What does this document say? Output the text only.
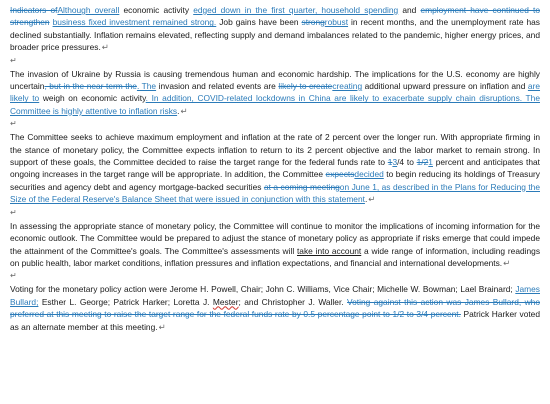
Indicators ofAlthough overall economic activity edged down in the first quarter, household spending and employment have continued to strengthen business fixed investment remained strong. Job gains have been strongrobust in recent months, and the unemployment rate has declined substantially. Inflation remains elevated, reflecting supply and demand imbalances related to the pandemic, higher energy prices, and broader price pressures.↵

↵

The invasion of Ukraine by Russia is causing tremendous human and economic hardship. The implications for the U.S. economy are highly uncertain, but in the near term the. The invasion and related events are likely to createcreating additional upward pressure on inflation and are likely to weigh on economic activity. In addition, COVID-related lockdowns in China are likely to exacerbate supply chain disruptions. The Committee is highly attentive to inflation risks.↵

↵

The Committee seeks to achieve maximum employment and inflation at the rate of 2 percent over the longer run. With appropriate firming in the stance of monetary policy, the Committee expects inflation to return to its 2 percent objective and the labor market to remain strong. In support of these goals, the Committee decided to raise the target range for the federal funds rate to 13/4 to 1/21 percent and anticipates that ongoing increases in the target range will be appropriate. In addition, the Committee expectsdecided to begin reducing its holdings of Treasury securities and agency debt and agency mortgage-backed securities at a coming meetingon June 1, as described in the Plans for Reducing the Size of the Federal Reserve's Balance Sheet that were issued in conjunction with this statement.↵

↵

In assessing the appropriate stance of monetary policy, the Committee will continue to monitor the implications of incoming information for the economic outlook. The Committee would be prepared to adjust the stance of monetary policy as appropriate if risks emerge that could impede the attainment of the Committee's goals. The Committee's assessments will take into account a wide range of information, including readings on public health, labor market conditions, inflation pressures and inflation expectations, and financial and international developments.↵

↵

Voting for the monetary policy action were Jerome H. Powell, Chair; John C. Williams, Vice Chair; Michelle W. Bowman; Lael Brainard; James Bullard; Esther L. George; Patrick Harker; Loretta J. Mester; and Christopher J. Waller. Voting against this action was James Bullard, who preferred at this meeting to raise the target range for the federal funds rate by 0.5 percentage point to 1/2 to 3/4 percent. Patrick Harker voted as an alternate member at this meeting.↵
